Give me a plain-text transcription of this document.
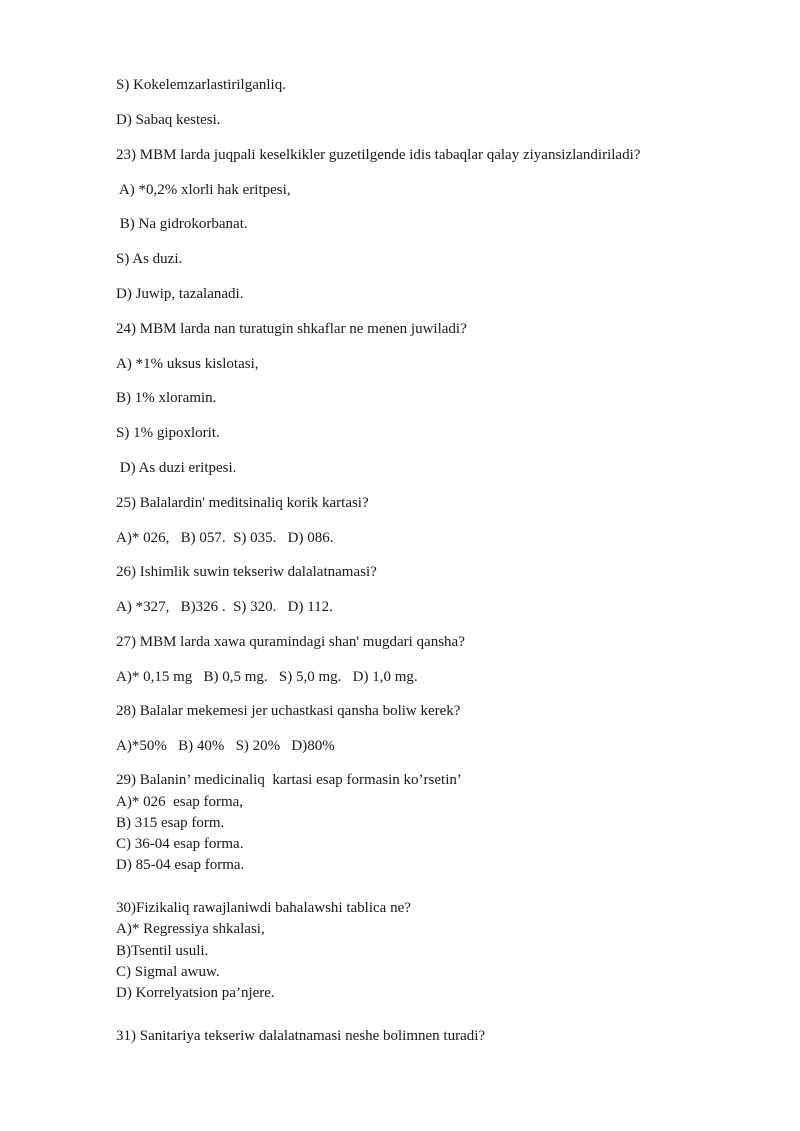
S) Kokelemzarlastirilganliq.
D) Sabaq kestesi.
23) MBM larda juqpali keselkikler guzetilgende idis tabaqlar qalay ziyansizlandiriladi?
A) *0,2% xlorli hak eritpesi,
B) Na gidrokorbanat.
S) As duzi.
D) Juwip, tazalanadi.
24) MBM larda nan turatugin shkaflar ne menen juwiladi?
A) *1% uksus kislotasi,
B) 1% xloramin.
S) 1% gipoxlorit.
D) As duzi eritpesi.
25) Balalardin' meditsinaliq korik kartasi?
A)* 026,   B) 057.  S) 035.   D) 086.
26) Ishimlik suwin tekseriw dalalatnamasi?
A) *327,   B)326 .  S) 320.   D) 112.
27) MBM larda xawa quramindagi shan' mugdari qansha?
A)* 0,15 mg   B) 0,5 mg.   S) 5,0 mg.   D) 1,0 mg.
28) Balalar mekemesi jer uchastkasi qansha boliw kerek?
A)*50%   B) 40%   S) 20%   D)80%
29) Balanin’ medicinaliq  kartasi esap formasin ko’rsetin’
A)* 026  esap forma,
B) 315 esap form.
C) 36-04 esap forma.
D) 85-04 esap forma.
30)Fizikaliq rawajlaniwdi bahalawshi tablica ne?
A)* Regressiya shkalasi,
B)Tsentil usuli.
C) Sigmal awuw.
D) Korrelyatsion pa’njere.
31) Sanitariya tekseriw dalalatnamasi neshe bolimnen turadi?
